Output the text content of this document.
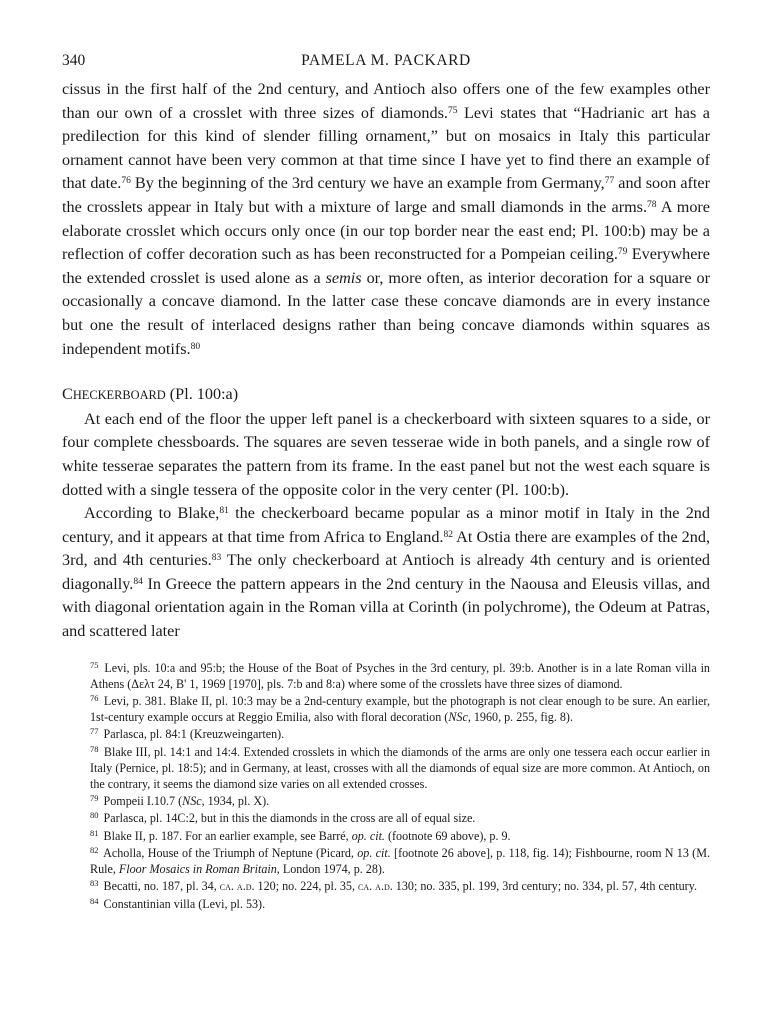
340	PAMELA M. PACKARD

cissus in the first half of the 2nd century, and Antioch also offers one of the few examples other than our own of a crosslet with three sizes of diamonds.$^{75}$ Levi states that “Hadrianic art has a predilection for this kind of slender filling ornament,” but on mosaics in Italy this particular ornament cannot have been very common at that time since I have yet to find there an example of that date.$^{76}$ By the beginning of the 3rd century we have an example from Germany,$^{77}$ and soon after the crosslets appear in Italy but with a mixture of large and small diamonds in the arms.$^{78}$ A more elaborate crosslet which occurs only once (in our top border near the east end; Pl. 100:b) may be a reflection of coffer decoration such as has been reconstructed for a Pompeian ceiling.$^{79}$ Everywhere the extended crosslet is used alone as a semis or, more often, as interior decoration for a square or occasionally a concave diamond. In the latter case these concave diamonds are in every instance but one the result of interlaced designs rather than being concave diamonds within squares as independent motifs.$^{80}$

CHECKERBOARD (Pl. 100:a)

At each end of the floor the upper left panel is a checkerboard with sixteen squares to a side, or four complete chessboards. The squares are seven tesserae wide in both panels, and a single row of white tesserae separates the pattern from its frame. In the east panel but not the west each square is dotted with a single tessera of the opposite color in the very center (Pl. 100:b).

According to Blake,$^{81}$ the checkerboard became popular as a minor motif in Italy in the 2nd century, and it appears at that time from Africa to England.$^{82}$ At Ostia there are examples of the 2nd, 3rd, and 4th centuries.$^{83}$ The only checkerboard at Antioch is already 4th century and is oriented diagonally.$^{84}$ In Greece the pattern appears in the 2nd century in the Naousa and Eleusis villas, and with diagonal orientation again in the Roman villa at Corinth (in polychrome), the Odeum at Patras, and scattered later

$^{75}$ Levi, pls. 10:a and 95:b; the House of the Boat of Psyches in the 3rd century, pl. 39:b. Another is in a late Roman villa in Athens (Δελτ 24, Β' 1, 1969 [1970], pls. 7:b and 8:a) where some of the crosslets have three sizes of diamond.

$^{76}$ Levi, p. 381. Blake II, pl. 10:3 may be a 2nd-century example, but the photograph is not clear enough to be sure. An earlier, 1st-century example occurs at Reggio Emilia, also with floral decoration (NSc, 1960, p. 255, fig. 8).

$^{77}$ Parlasca, pl. 84:1 (Kreuzweingarten).

$^{78}$ Blake III, pl. 14:1 and 14:4. Extended crosslets in which the diamonds of the arms are only one tessera each occur earlier in Italy (Pernice, pl. 18:5); and in Germany, at least, crosses with all the diamonds of equal size are more common. At Antioch, on the contrary, it seems the diamond size varies on all extended crosses.

$^{79}$ Pompeii I.10.7 (NSc, 1934, pl. X).

$^{80}$ Parlasca, pl. 14C:2, but in this the diamonds in the cross are all of equal size.

$^{81}$ Blake II, p. 187. For an earlier example, see Barré, op. cit. (footnote 69 above), p. 9.

$^{82}$ Acholla, House of the Triumph of Neptune (Picard, op. cit. [footnote 26 above], p. 118, fig. 14); Fishbourne, room N 13 (M. Rule, Floor Mosaics in Roman Britain, London 1974, p. 28).

$^{83}$ Becatti, no. 187, pl. 34, ca. a.d. 120; no. 224, pl. 35, ca. a.d. 130; no. 335, pl. 199, 3rd century; no. 334, pl. 57, 4th century.

$^{84}$ Constantinian villa (Levi, pl. 53).
